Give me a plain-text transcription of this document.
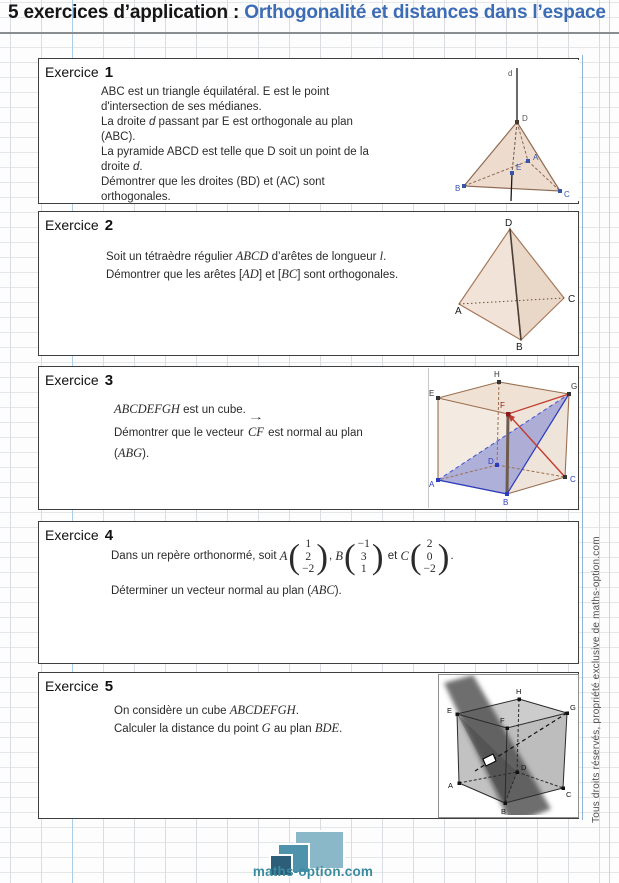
5 exercices d’application : Orthogonalité et distances dans l’espace
Exercice 1
ABC est un triangle équilatéral. E est le point
d'intersection de ses médianes.
La droite d passant par E est orthogonale au plan
(ABC).
La pyramide ABCD est telle que D soit un point de la
droite d.
Démontrer que les droites (BD) et (AC) sont
orthogonales.
d
D
A
E
B
C
Exercice 2
Soit un tétraèdre régulier ABCD d’arêtes de longueur l.
Démontrer que les arêtes [AD] et [BC] sont orthogonales.
D
A
C
B
Exercice 3
ABCDEFGH est un cube.
Démontrer que le vecteur
→
CF est normal au plan
(ABG).
E
H
G
F
A
B
C
D
Exercice 4
Dans un repère orthonormé, soit A ( 1
2
−2 ) , B ( −1
3
1 ) et C ( 2
0
−2 ) .
Déterminer un vecteur normal au plan (ABC).
Exercice 5
On considère un cube ABCDEFGH.
Calculer la distance du point G au plan BDE.
E
H
G
F
A
D
B
C
maths-option.com
Tous droits réservés, propriété exclusive de maths-option.com
